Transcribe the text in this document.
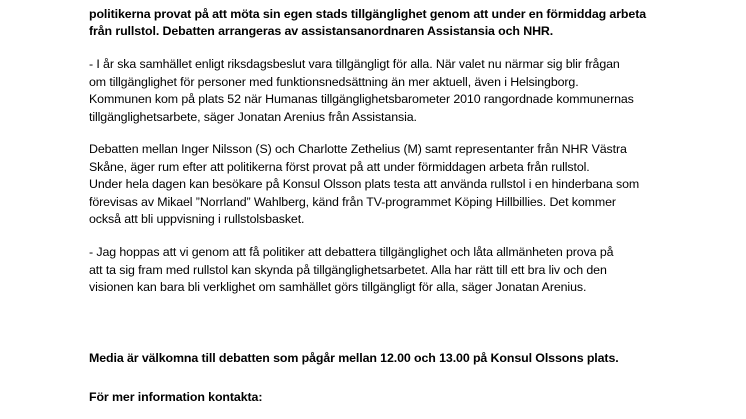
politikerna provat på att möta sin egen stads tillgänglighet genom att under en förmiddag arbeta
från rullstol. Debatten arrangeras av assistansanordnaren Assistansia och NHR.
- I år ska samhället enligt riksdagsbeslut vara tillgängligt för alla. När valet nu närmar sig blir frågan
om tillgänglighet för personer med funktionsnedsättning än mer aktuell, även i Helsingborg.
Kommunen kom på plats 52 när Humanas tillgänglighetsbarometer 2010 rangordnade kommunernas
tillgänglighetsarbete, säger Jonatan Arenius från Assistansia.
Debatten mellan Inger Nilsson (S) och Charlotte Zethelius (M) samt representanter från NHR Västra
Skåne, äger rum efter att politikerna först provat på att under förmiddagen arbeta från rullstol.
Under hela dagen kan besökare på Konsul Olsson plats testa att använda rullstol i en hinderbana som
förevisas av Mikael ”Norrland” Wahlberg, känd från TV-programmet Köping Hillbillies. Det kommer
också att bli uppvisning i rullstolsbasket.
- Jag hoppas att vi genom att få politiker att debattera tillgänglighet och låta allmänheten prova på
att ta sig fram med rullstol kan skynda på tillgänglighetsarbetet. Alla har rätt till ett bra liv och den
visionen kan bara bli verklighet om samhället görs tillgängligt för alla, säger Jonatan Arenius.
Media är välkomna till debatten som pågår mellan 12.00 och 13.00 på Konsul Olssons plats.
För mer information kontakta:
